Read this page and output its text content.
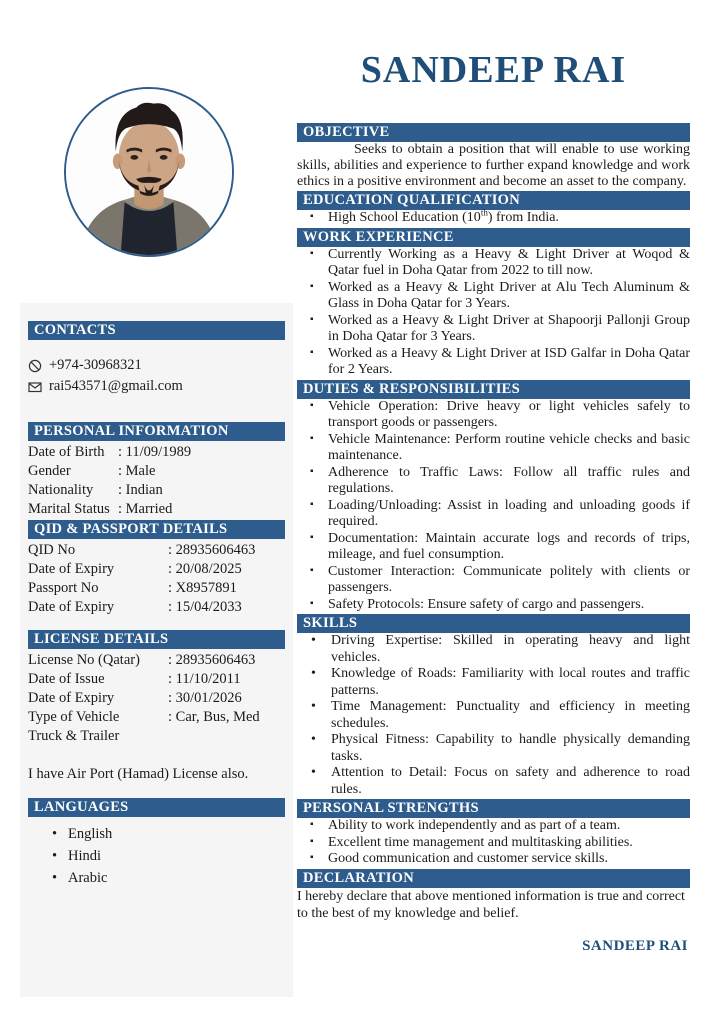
SANDEEP RAI
CONTACTS
+974-30968321
rai543571@gmail.com
PERSONAL INFORMATION
Date of Birth : 11/09/1989
Gender	: Male
Nationality	: Indian
Marital Status : Married
QID & PASSPORT DETAILS
QID No	: 28935606463
Date of Expiry	: 20/08/2025
Passport No	: X8957891
Date of Expiry	: 15/04/2033
LICENSE DETAILS
License No (Qatar)	: 28935606463
Date of Issue	: 11/10/2011
Date of Expiry	: 30/01/2026
Type of Vehicle	: Car, Bus, Med
Truck & Trailer
I have Air Port (Hamad) License also.
LANGUAGES
• English
• Hindi
• Arabic
OBJECTIVE

Seeks to obtain a position that will enable to use working skills, abilities and experience to further expand knowledge and work ethics in a positive environment and become an asset to the company.

EDUCATION QUALIFICATION
▪ High School Education (10th) from India.
WORK EXPERIENCE
▪ Currently Working as a Heavy & Light Driver at Woqod & Qatar fuel in Doha Qatar from 2022 to till now.
▪ Worked as a Heavy & Light Driver at Alu Tech Aluminum & Glass in Doha Qatar for 3 Years.
▪ Worked as a Heavy & Light Driver at Shapoorji Pallonji Group in Doha Qatar for 3 Years.
▪ Worked as a Heavy & Light Driver at ISD Galfar in Doha Qatar for 2 Years.
DUTIES & RESPONSIBILITIES
▪ Vehicle Operation: Drive heavy or light vehicles safely to transport goods or passengers.
▪ Vehicle Maintenance: Perform routine vehicle checks and basic maintenance.
▪ Adherence to Traffic Laws: Follow all traffic rules and regulations.
▪ Loading/Unloading: Assist in loading and unloading goods if required.
▪ Documentation: Maintain accurate logs and records of trips, mileage, and fuel consumption.
▪ Customer Interaction: Communicate politely with clients or passengers.
▪ Safety Protocols: Ensure safety of cargo and passengers.
SKILLS
• Driving Expertise: Skilled in operating heavy and light vehicles.
• Knowledge of Roads: Familiarity with local routes and traffic patterns.
• Time Management: Punctuality and efficiency in meeting schedules.
• Physical Fitness: Capability to handle physically demanding tasks.
• Attention to Detail: Focus on safety and adherence to road rules.
PERSONAL STRENGTHS
▪ Ability to work independently and as part of a team.
▪ Excellent time management and multitasking abilities.
▪ Good communication and customer service skills.
DECLARATION

I hereby declare that above mentioned information is true and correct to the best of my knowledge and belief.

SANDEEP RAI
